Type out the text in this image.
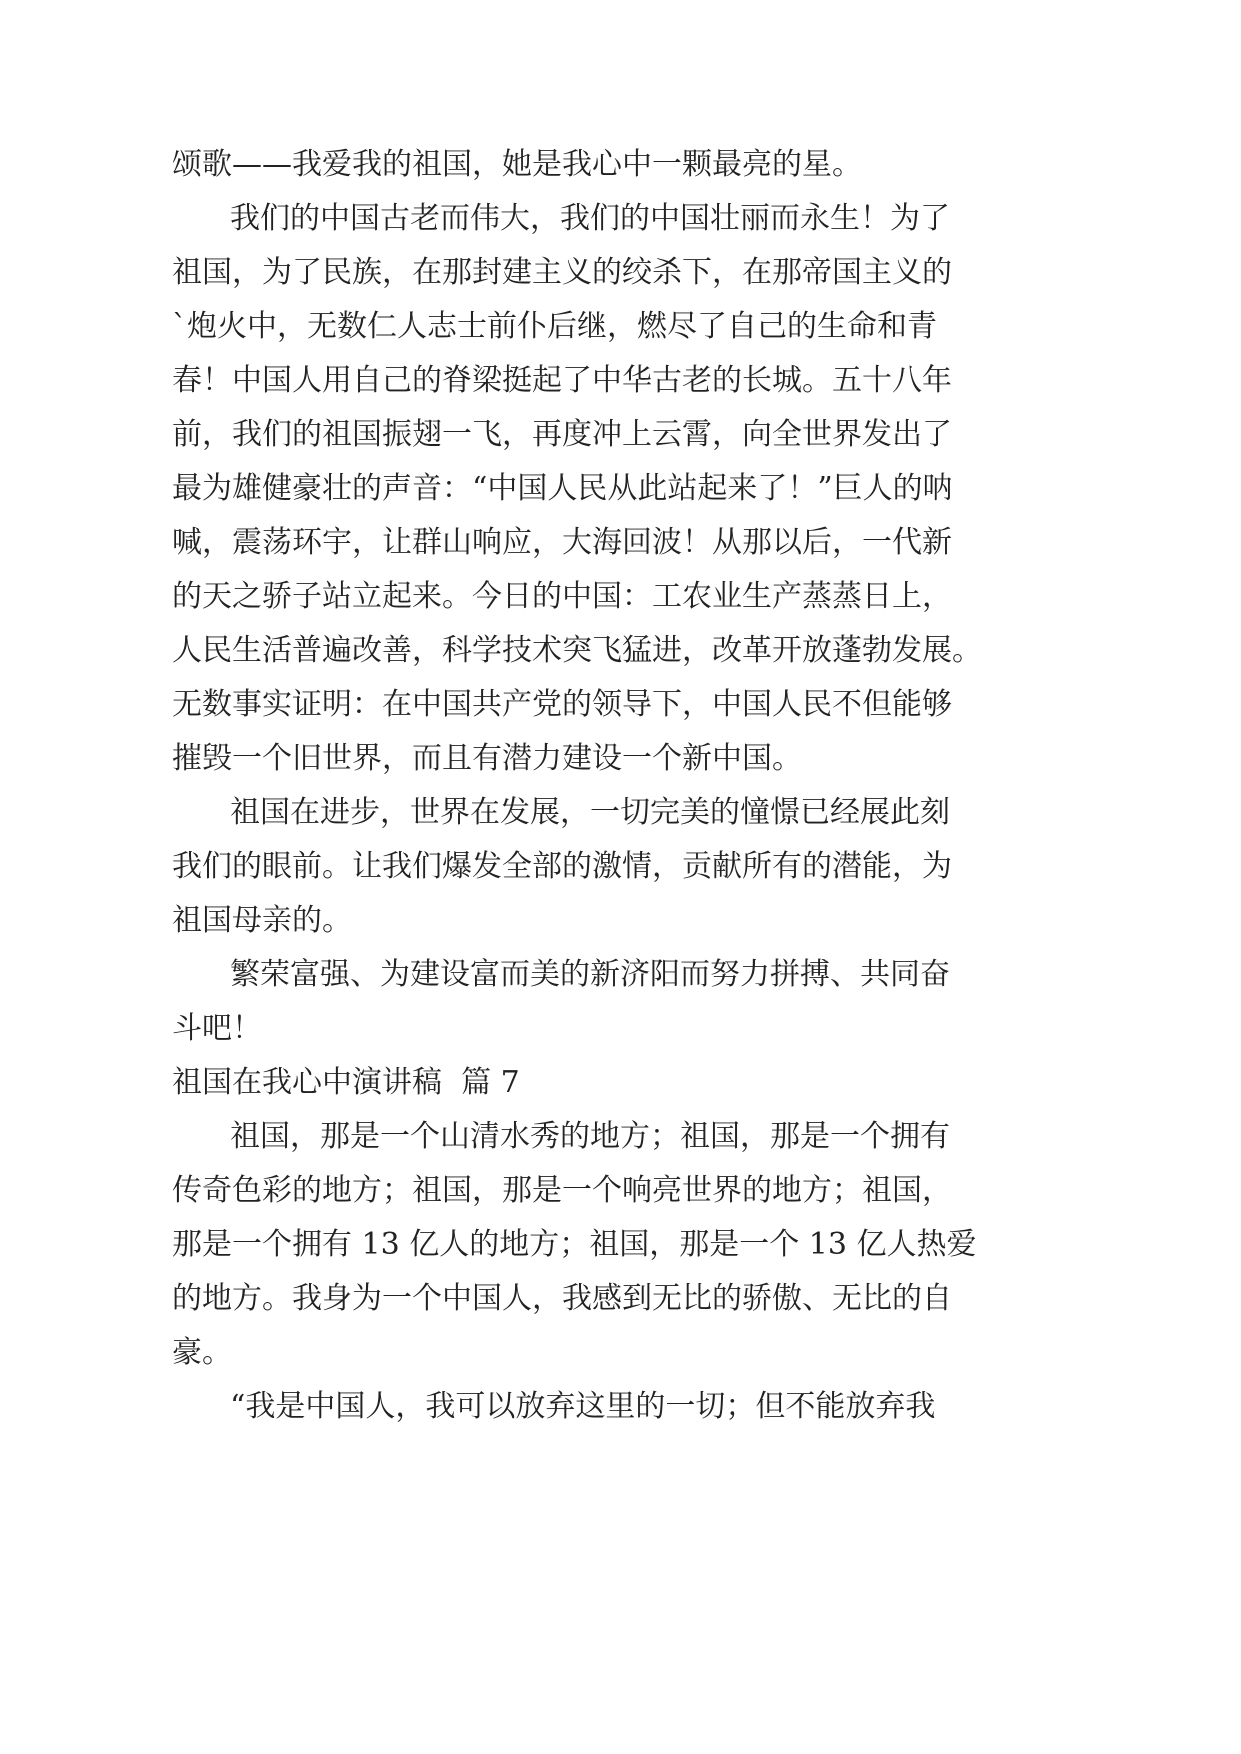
颂歌——我爱我的祖国，她是我心中一颗最亮的星。
我们的中国古老而伟大，我们的中国壮丽而永生！为了
祖国，为了民族，在那封建主义的绞杀下，在那帝国主义的
`炮火中，无数仁人志士前仆后继，燃尽了自己的生命和青
春！中国人用自己的脊梁挺起了中华古老的长城。五十八年
前，我们的祖国振翅一飞，再度冲上云霄，向全世界发出了
最为雄健豪壮的声音：“中国人民从此站起来了！”巨人的呐
喊，震荡环宇，让群山响应，大海回波！从那以后，一代新
的天之骄子站立起来。今日的中国：工农业生产蒸蒸日上，
人民生活普遍改善，科学技术突飞猛进，改革开放蓬勃发展。
无数事实证明：在中国共产党的领导下，中国人民不但能够
摧毁一个旧世界，而且有潜力建设一个新中国。
祖国在进步，世界在发展，一切完美的憧憬已经展此刻
我们的眼前。让我们爆发全部的激情，贡献所有的潜能，为
祖国母亲的。
繁荣富强、为建设富而美的新济阳而努力拼搏、共同奋
斗吧！
祖国在我心中演讲稿  篇 7
祖国，那是一个山清水秀的地方；祖国，那是一个拥有
传奇色彩的地方；祖国，那是一个响亮世界的地方；祖国，
那是一个拥有 13 亿人的地方；祖国，那是一个 13 亿人热爱
的地方。我身为一个中国人，我感到无比的骄傲、无比的自
豪。
“我是中国人，我可以放弃这里的一切；但不能放弃我
